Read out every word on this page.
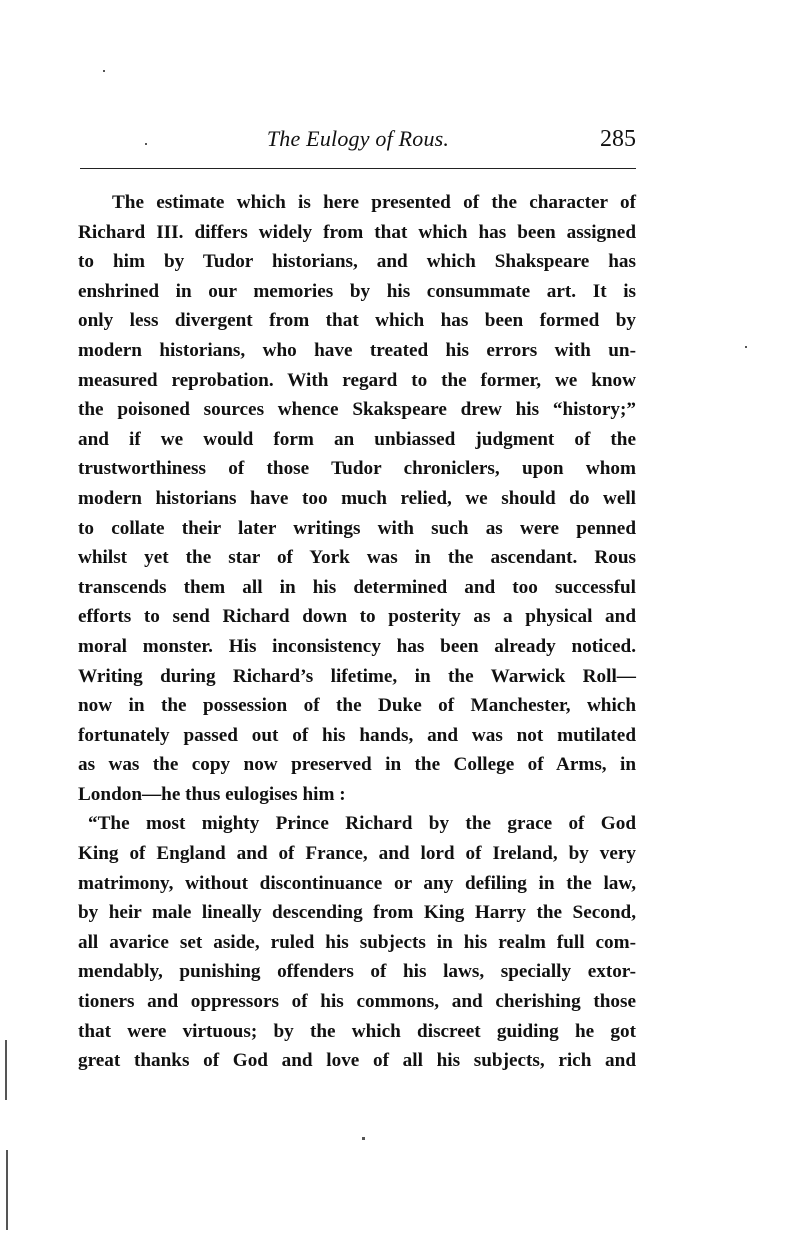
The Eulogy of Rous.	285

The estimate which is here presented of the character of
Richard III. differs widely from that which has been assigned
to him by Tudor historians, and which Shakspeare has
enshrined in our memories by his consummate art. It is
only less divergent from that which has been formed by
modern historians, who have treated his errors with un-
measured reprobation. With regard to the former, we know
the poisoned sources whence Skakspeare drew his “history;”
and if we would form an unbiassed judgment of the
trustworthiness of those Tudor chroniclers, upon whom
modern historians have too much relied, we should do well
to collate their later writings with such as were penned
whilst yet the star of York was in the ascendant. Rous
transcends them all in his determined and too successful
efforts to send Richard down to posterity as a physical and
moral monster. His inconsistency has been already noticed.
Writing during Richard’s lifetime, in the Warwick Roll—
now in the possession of the Duke of Manchester, which
fortunately passed out of his hands, and was not mutilated
as was the copy now preserved in the College of Arms, in
London—he thus eulogises him :

“The most mighty Prince Richard by the grace of God
King of England and of France, and lord of Ireland, by very
matrimony, without discontinuance or any defiling in the law,
by heir male lineally descending from King Harry the Second,
all avarice set aside, ruled his subjects in his realm full com-
mendably, punishing offenders of his laws, specially extor-
tioners and oppressors of his commons, and cherishing those
that were virtuous; by the which discreet guiding he got
great thanks of God and love of all his subjects, rich and
